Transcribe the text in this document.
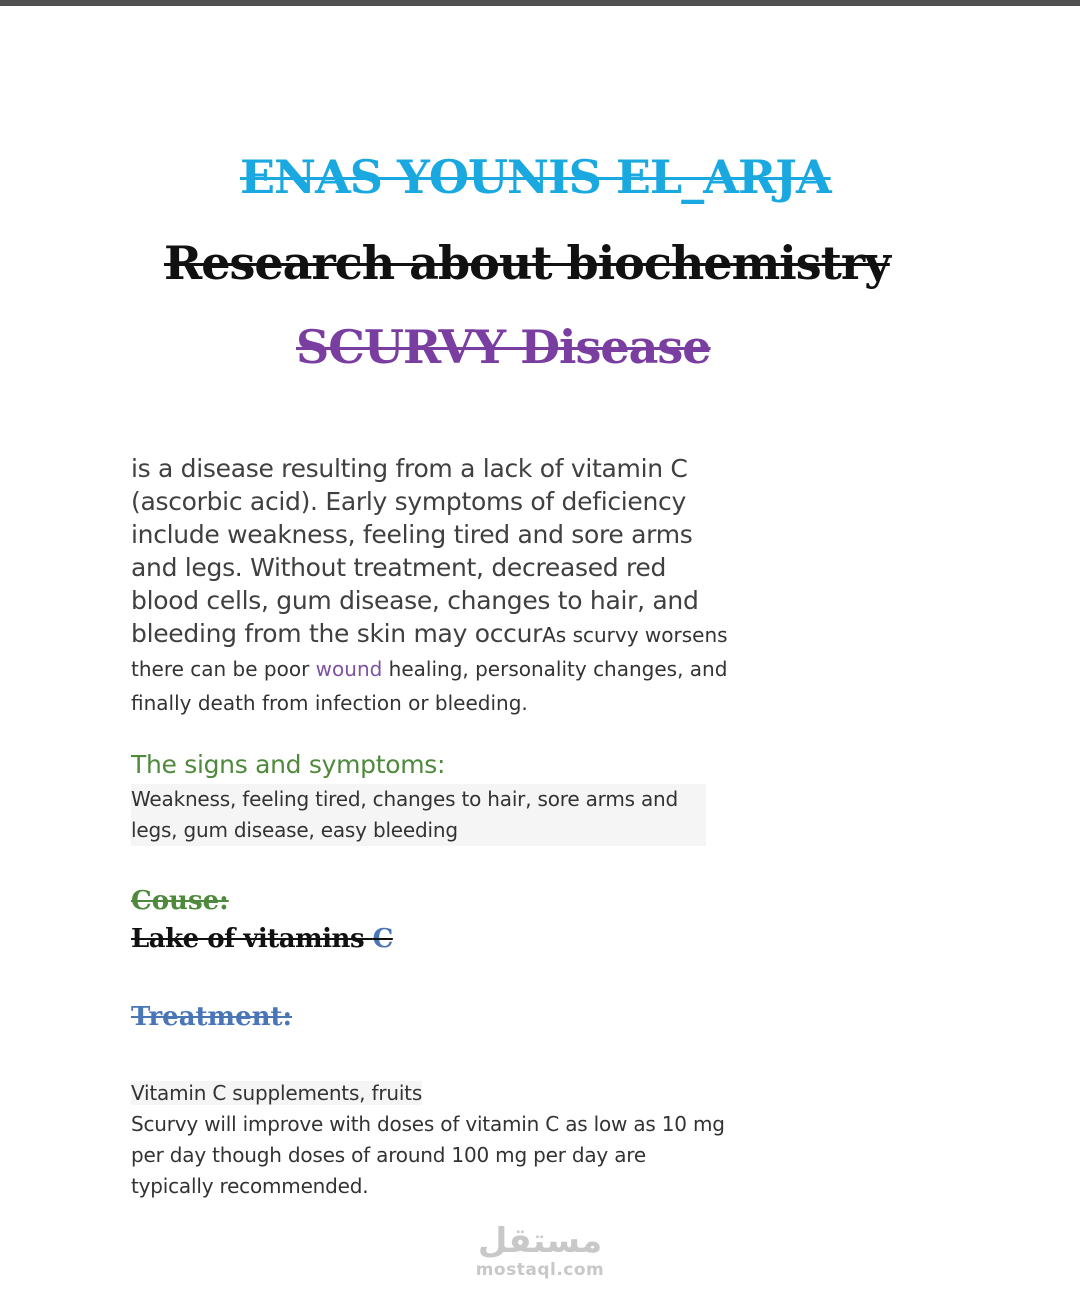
ENAS YOUNIS EL_ARJA
Research about biochemistry
SCURVY Disease
is a disease resulting from a lack of vitamin C (ascorbic acid). Early symptoms of deficiency include weakness, feeling tired and sore arms and legs. Without treatment, decreased red blood cells, gum disease, changes to hair, and bleeding from the skin may occurAs scurvy worsens there can be poor wound healing, personality changes, and finally death from infection or bleeding.
The signs and symptoms:
Weakness, feeling tired, changes to hair, sore arms and legs, gum disease, easy bleeding
Couse:
Lake of vitamins C
Treatment:
Vitamin C supplements, fruits
Scurvy will improve with doses of vitamin C as low as 10 mg per day though doses of around 100 mg per day are typically recommended.
مستقل
mostaql.com
